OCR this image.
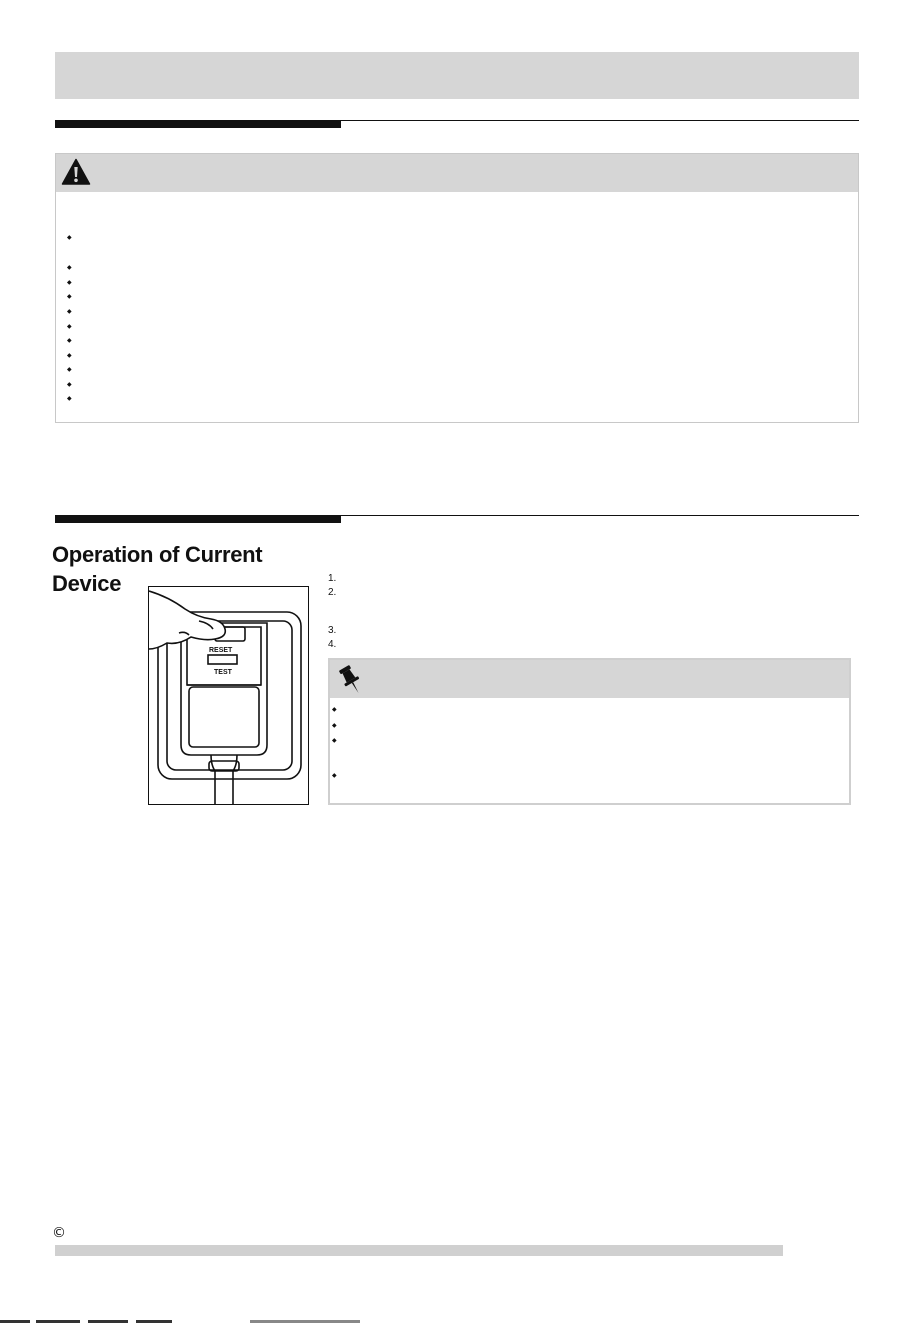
◆
◆
◆
◆
◆
◆
◆
◆
◆
◆
◆
Operation of Current
Device
RESET
TEST
1.
2.
3.
4.
◆
◆
◆
◆
©
